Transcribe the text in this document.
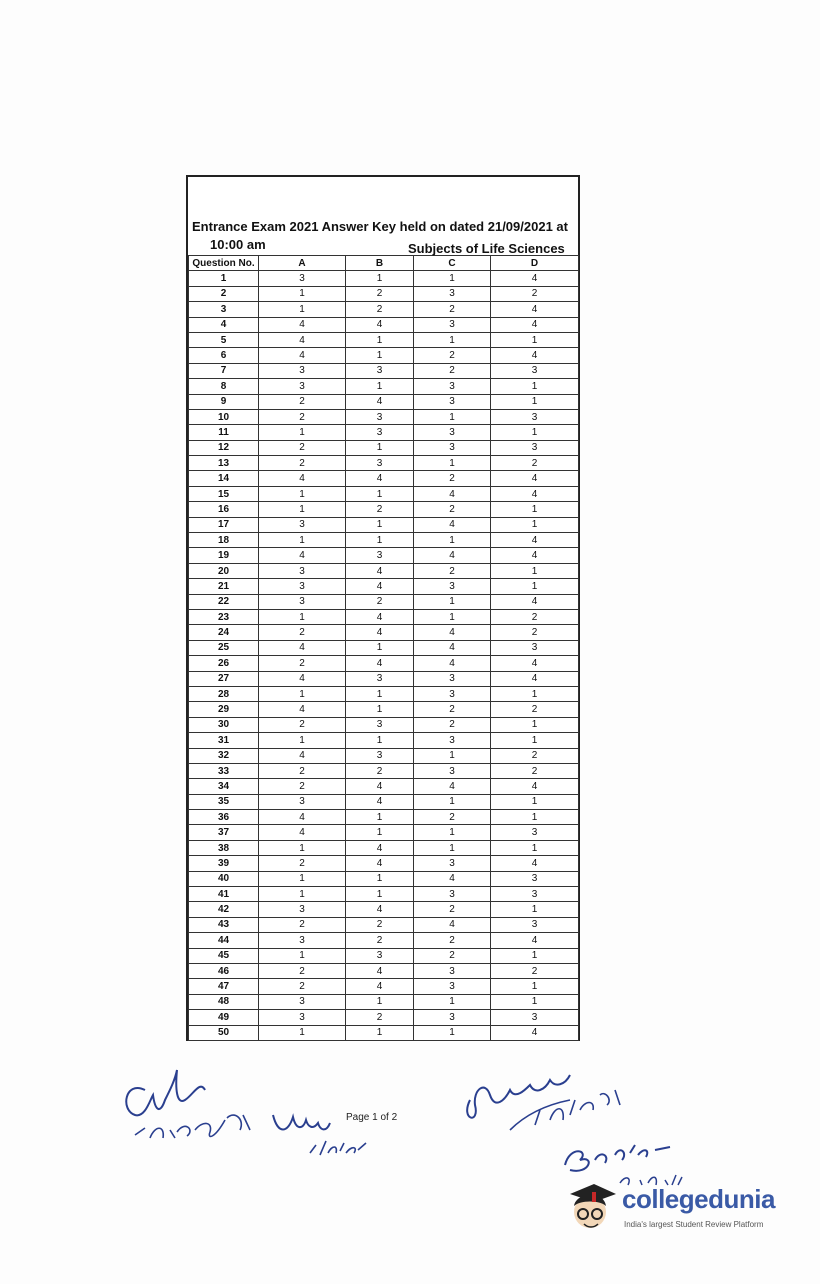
Entrance Exam 2021 Answer Key held on dated 21/09/2021 at
10:00 am	Subjects of Life Sciences
Question No.	A	B	C	D
1	3	1	1	4
2	1	2	3	2
3	1	2	2	4
4	4	4	3	4
5	4	1	1	1
6	4	1	2	4
7	3	3	2	3
8	3	1	3	1
9	2	4	3	1
10	2	3	1	3
11	1	3	3	1
12	2	1	3	3
13	2	3	1	2
14	4	4	2	4
15	1	1	4	4
16	1	2	2	1
17	3	1	4	1
18	1	1	1	4
19	4	3	4	4
20	3	4	2	1
21	3	4	3	1
22	3	2	1	4
23	1	4	1	2
24	2	4	4	2
25	4	1	4	3
26	2	4	4	4
27	4	3	3	4
28	1	1	3	1
29	4	1	2	2
30	2	3	2	1
31	1	1	3	1
32	4	3	1	2
33	2	2	3	2
34	2	4	4	4
35	3	4	1	1
36	4	1	2	1
37	4	1	1	3
38	1	4	1	1
39	2	4	3	4
40	1	1	4	3
41	1	1	3	3
42	3	4	2	1
43	2	2	4	3
44	3	2	2	4
45	1	3	2	1
46	2	4	3	2
47	2	4	3	1
48	3	1	1	1
49	3	2	3	3
50	1	1	1	4
Page 1 of 2
collegedunia
India's largest Student Review Platform
